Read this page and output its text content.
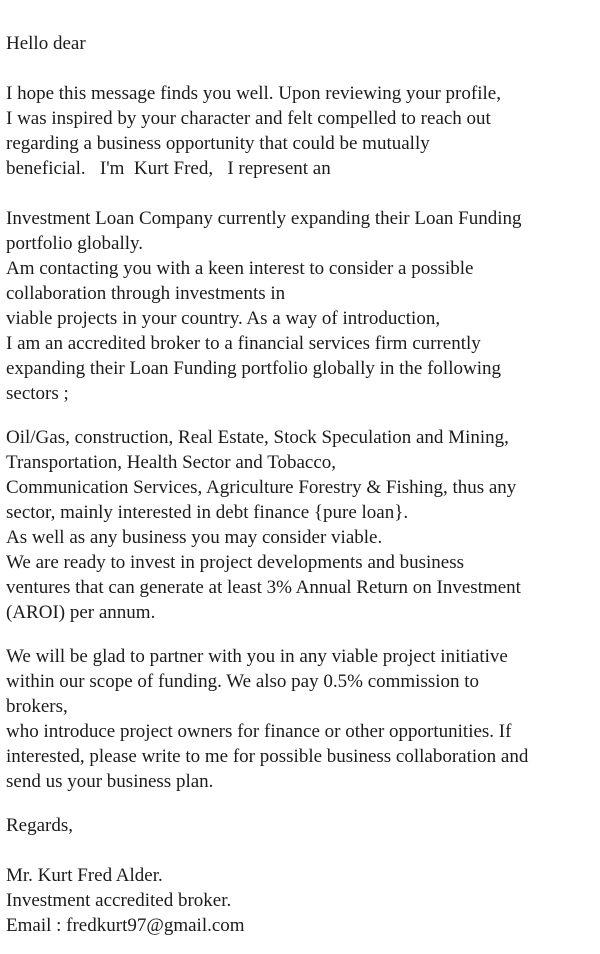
Hello dear
I hope this message finds you well. Upon reviewing your profile,
I was inspired by your character and felt compelled to reach out
regarding a business opportunity that could be mutually
beneficial.   I'm  Kurt Fred,   I represent an
Investment Loan Company currently expanding their Loan Funding
portfolio globally.
Am contacting you with a keen interest to consider a possible
collaboration through investments in
viable projects in your country. As a way of introduction,
I am an accredited broker to a financial services firm currently
expanding their Loan Funding portfolio globally in the following
sectors ;
Oil/Gas, construction, Real Estate, Stock Speculation and Mining,
Transportation, Health Sector and Tobacco,
Communication Services, Agriculture Forestry & Fishing, thus any
sector, mainly interested in debt finance {pure loan}.
As well as any business you may consider viable.
We are ready to invest in project developments and business
ventures that can generate at least 3% Annual Return on Investment
(AROI) per annum.
We will be glad to partner with you in any viable project initiative
within our scope of funding. We also pay 0.5% commission to
brokers,
who introduce project owners for finance or other opportunities. If
interested, please write to me for possible business collaboration and
send us your business plan.
Regards,
Mr. Kurt Fred Alder.
Investment accredited broker.
Email : fredkurt97@gmail.com
